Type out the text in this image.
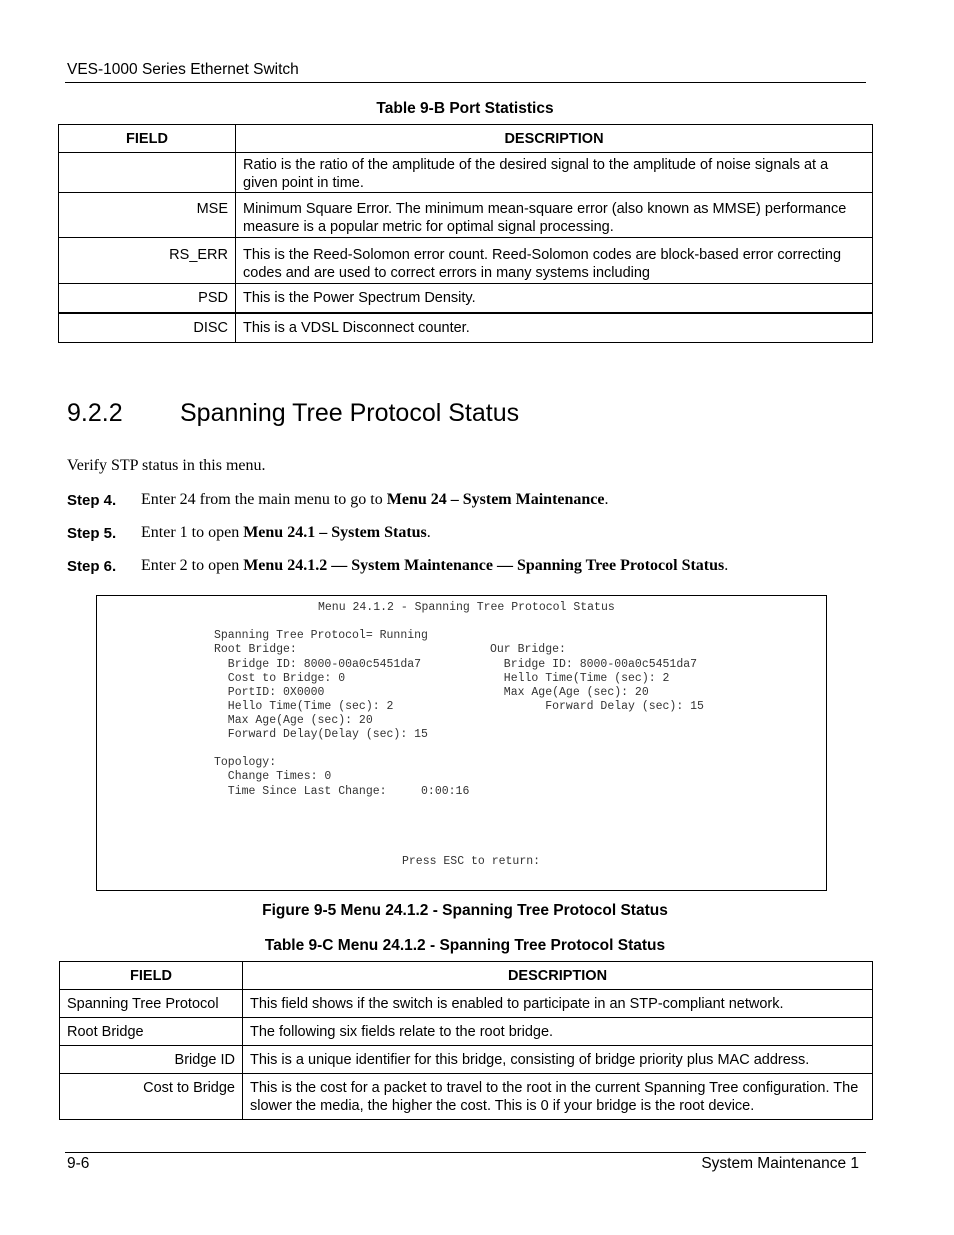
VES-1000 Series Ethernet Switch
Table 9-B Port Statistics
FIELD	DESCRIPTION
	Ratio is the ratio of the amplitude of the desired signal to the amplitude of noise signals at a given point in time.
MSE	Minimum Square Error. The minimum mean-square error (also known as MMSE) performance measure is a popular metric for optimal signal processing.
RS_ERR	This is the Reed-Solomon error count. Reed-Solomon codes are block-based error correcting codes and are used to correct errors in many systems including
PSD	This is the Power Spectrum Density.
DISC	This is a VDSL Disconnect counter.
9.2.2 Spanning Tree Protocol Status
Verify STP status in this menu.
Step 4. Enter 24 from the main menu to go to Menu 24 – System Maintenance.
Step 5. Enter 1 to open Menu 24.1 – System Status.
Step 6. Enter 2 to open Menu 24.1.2 — System Maintenance — Spanning Tree Protocol Status.
Menu 24.1.2 - Spanning Tree Protocol Status
Spanning Tree Protocol= Running
Root Bridge:	Our Bridge:
Bridge ID: 8000-00a0c5451da7
Cost to Bridge: 0
PortID: 0X0000
Hello Time(Time (sec): 2
Max Age(Age (sec): 20
Forward Delay(Delay (sec): 15
Bridge ID: 8000-00a0c5451da7
Hello Time(Time (sec): 2
Max Age(Age (sec): 20
Forward Delay (sec): 15
Topology:
Change Times: 0
Time Since Last Change:     0:00:16
Press ESC to return:
Figure 9-5 Menu 24.1.2 - Spanning Tree Protocol Status
Table 9-C Menu 24.1.2 - Spanning Tree Protocol Status
FIELD	DESCRIPTION
Spanning Tree Protocol	This field shows if the switch is enabled to participate in an STP-compliant network.
Root Bridge	The following six fields relate to the root bridge.
Bridge ID	This is a unique identifier for this bridge, consisting of bridge priority plus MAC address.
Cost to Bridge	This is the cost for a packet to travel to the root in the current Spanning Tree configuration. The slower the media, the higher the cost. This is 0 if your bridge is the root device.
9-6	System Maintenance 1
